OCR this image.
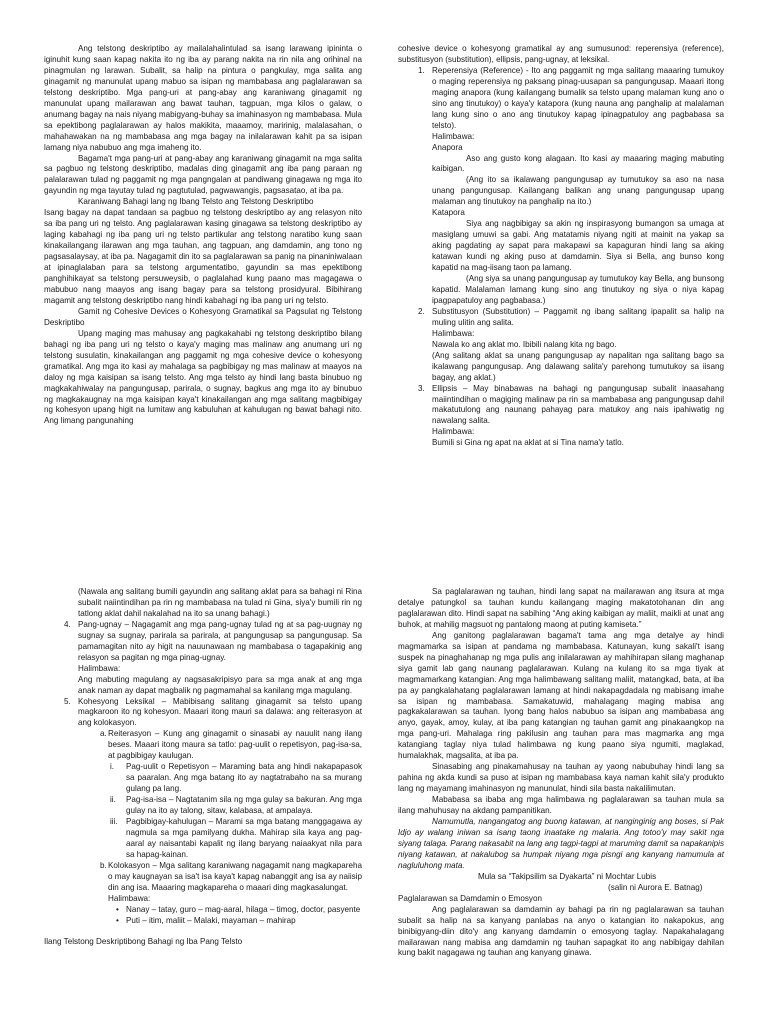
Ang telstong deskriptibo ay mailalahalintulad sa isang larawang ipininta o iginuhit kung saan kapag nakita ito ng iba ay parang nakita na rin nila ang orihinal na pinagmulan ng larawan. Subalit, sa halip na pintura o pangkulay, mga salita ang ginagamit ng manunulat upang mabuo sa isipan ng mambabasa ang paglalarawan sa telstong deskriptibo. Mga pang-uri at pang-abay ang karaniwang ginagamit ng manunulat upang mailarawan ang bawat tauhan, tagpuan, mga kilos o galaw, o anumang bagay na nais niyang mabigyang-buhay sa imahinasyon ng mambabasa. Mula sa epektibong paglalarawan ay halos makikita, maaamoy, maririnig, malalasahan, o mahahawakan na ng mambabasa ang mga bagay na inilalarawan kahit pa sa isipan lamang niya nabubuo ang mga imaheng ito.

Bagama't mga pang-uri at pang-abay ang karaniwang ginagamit na mga salita sa pagbuo ng telstong deskriptibo, madalas ding ginagamit ang iba pang paraan ng palalarawan tulad ng paggamit ng mga pangngalan at pandiwang ginagawa ng mga ito gayundin ng mga tayutay tulad ng pagtutulad, pagwawangis, pagsasatao, at iba pa.

Karaniwang Bahagi lang ng Ibang Telsto ang Telstong Deskriptibo

Isang bagay na dapat tandaan sa pagbuo ng telstong deskriptibo ay ang relasyon nito sa iba pang uri ng telsto. Ang paglalarawan kasing ginagawa sa telstong deskriptibo ay laging kabahagi ng iba pang uri ng telsto partikular ang telstong naratibo kung saan kinakailangang ilarawan ang mga tauhan, ang tagpuan, ang damdamin, ang tono ng pagsasalaysay, at iba pa. Nagagamit din ito sa paglalarawan sa panig na pinaniniwalaan at ipinaglalaban para sa telstong argumentatibo, gayundin sa mas epektibong panghihikayat sa telstong persuweysib, o paglalahad kung paano mas magagawa o mabubuo nang maayos ang isang bagay para sa telstong prosidyural. Bibihirang magamit ang telstong deskriptibo nang hindi kabahagi ng iba pang uri ng telsto.

Gamit ng Cohesive Devices o Kohesyong Gramatikal sa Pagsulat ng Telstong Deskriptibo

Upang maging mas mahusay ang pagkakahabi ng telstong deskriptibo bilang bahagi ng iba pang uri ng telsto o kaya'y maging mas malinaw ang anumang uri ng telstong susulatin, kinakailangan ang paggamit ng mga cohesive device o kohesyong gramatikal. Ang mga ito kasi ay mahalaga sa pagbibigay ng mas malinaw at maayos na daloy ng mga kaisipan sa isang telsto. Ang mga telsto ay hindi lang basta binubuo ng magkakahiwalay na pangungusap, parirala, o sugnay, bagkus ang mga ito ay binubuo ng magkakaugnay na mga kaisipan kaya't kinakailangan ang mga salitang magbibigay ng kohesyon upang higit na lumitaw ang kabuluhan at kahulugan ng bawat bahagi nito. Ang limang pangunahing

cohesive device o kohesyong gramatikal ay ang sumusunod: reperensiya (reference), substitusyon (substitution), ellipsis, pang-ugnay, at leksikal.

1. Reperensiya (Reference) - Ito ang paggamit ng mga salitang maaaring tumukoy o maging reperensiya ng paksang pinag-uusapan sa pangungusap. Maaari itong maging anapora (kung kailangang bumalik sa telsto upang malaman kung ano o sino ang tinutukoy) o kaya'y katapora (kung nauna ang panghalip at malalaman lang kung sino o ano ang tinutukoy kapag ipinagpatuloy ang pagbabasa sa telsto).

Halimbawa:

Anapora

Aso ang gusto kong alagaan. Ito kasi ay maaaring maging mabuting kaibigan.

(Ang ito sa ikalawang pangungusap ay tumutukoy sa aso na nasa unang pangungusap. Kailangang balikan ang unang pangungusap upang malaman ang tinutukoy na panghalip na ito.)

Katapora

Siya ang nagbibigay sa akin ng inspirasyong bumangon sa umaga at masiglang umuwi sa gabi. Ang matatamis niyang ngiti at mainit na yakap sa aking pagdating ay sapat para makapawi sa kapaguran hindi lang sa aking katawan kundi ng aking puso at damdamin. Siya si Bella, ang bunso kong kapatid na mag-iisang taon pa lamang.

(Ang siya sa unang pangungusap ay tumutukoy kay Bella, ang bunsong kapatid. Malalaman lamang kung sino ang tinutukoy ng siya o niya kapag ipagpapatuloy ang pagbabasa.)

2. Substitusyon (Substitution) – Paggamit ng ibang salitang ipapalit sa halip na muling ulitin ang salita.

Halimbawa:

Nawala ko ang aklat mo. Ibibili nalang kita ng bago.

(Ang salitang aklat sa unang pangungusap ay napalitan nga salitang bago sa ikalawang pangungusap. Ang dalawang salita'y parehong tumutukoy sa iisang bagay, ang aklat.)

3. Ellipsis – May binabawas na bahagi ng pangungusap subalit inaasahang maiintindihan o magiging malinaw pa rin sa mambabasa ang pangungusap dahil makatutulong ang naunang pahayag para matukoy ang nais ipahiwatig ng nawalang salita.

Halimbawa:

Bumili si Gina ng apat na aklat at si Tina nama'y tatlo.

(Nawala ang salitang bumili gayundin ang salitang aklat para sa bahagi ni Rina subalit naiintindihan pa rin ng mambabasa na tulad ni Gina, siya'y bumili rin ng tatlong aklat dahil nakalahad na ito sa unang bahagi.)

4. Pang-ugnay – Nagagamit ang mga pang-ugnay tulad ng at sa pag-uugnay ng sugnay sa sugnay, parirala sa parirala, at pangungusap sa pangungusap. Sa pamamagitan nito ay higit na nauunawaan ng mambabasa o tagapakinig ang relasyon sa pagitan ng mga pinag-ugnay.

Halimbawa:

Ang mabuting magulang ay nagsasakripisyo para sa mga anak at ang mga anak naman ay dapat magbalik ng pagmamahal sa kanilang mga magulang.

5. Kohesyong Leksikal – Mabibisang salitang ginagamit sa telsto upang magkaroon ito ng kohesyon. Maaari itong mauri sa dalawa: ang reiterasyon at ang kolokasyon.

a. Reiterasyon – Kung ang ginagamit o sinasabi ay nauulit nang ilang beses. Maaari itong maura sa tatlo: pag-uulit o repetisyon, pag-isa-sa, at pagbibigay kaulugan.

i. Pag-uulit o Repetisyon – Maraming bata ang hindi nakapapasok sa paaralan. Ang mga batang ito ay nagtatrabaho na sa murang gulang pa lang.

ii. Pag-isa-isa – Nagtatanim sila ng mga gulay sa bakuran. Ang mga gulay na ito ay talong, sitaw, kalabasa, at ampalaya.

iii. Pagbibigay-kahulugan – Marami sa mga batang manggagawa ay nagmula sa mga pamilyang dukha. Mahirap sila kaya ang pag-aaral ay naisantabi kapalit ng ilang baryang naiaakyat nila para sa hapag-kainan.

b. Kolokasyon – Mga salitang karaniwang nagagamit nang magkapareha o may kaugnayan sa isa't isa kaya't kapag nabanggit ang isa ay naiisip din ang isa. Maaaring magkapareha o maaari ding magkasalungat.

Halimbawa:

• Nanay – tatay, guro – mag-aaral, hilaga – timog, doctor, pasyente

• Puti – itim, maliit – Malaki, mayaman – mahirap

Ilang Telstong Deskriptibong Bahagi ng Iba Pang Telsto

Sa paglalarawan ng tauhan, hindi lang sapat na mailarawan ang itsura at mga detalye patungkol sa tauhan kundu kailangang maging makatotohanan din ang paglalarawan dito. Hindi sapat na sabihing “Ang aking kaibigan ay maliit, maikli at unat ang buhok, at mahilig magsuot ng pantalong maong at puting kamiseta.”

Ang ganitong paglalarawan bagama't tama ang mga detalye ay hindi magmamarka sa isipan at pandama ng mambabasa. Katunayan, kung sakali't isang suspek na pinaghahanap ng mga pulis ang inilalarawan ay mahihirapan silang maghanap siya gamit lab gang naunang paglalarawan. Kulang na kulang ito sa mga tiyak at magmamarkang katangian. Ang mga halimbawang salitang maliit, matangkad, bata, at iba pa ay pangkalahatang paglalarawan lamang at hindi nakapagdadala ng mabisang imahe sa isipan ng mambabasa. Samakatuwid, mahalagang maging mabisa ang pagkakalarawan sa tauhan. Iyong bang halos nabubuo sa isipan ang mambabasa ang anyo, gayak, amoy, kulay, at iba pang katangian ng tauhan gamit ang pinakaangkop na mga pang-uri. Mahalaga ring pakilusin ang tauhan para mas magmarka ang mga katangiang taglay niya tulad halimbawa ng kung paano siya ngumiti, maglakad, humalakhak, magsalita, at iba pa.

Sinasabing ang pinakamahusay na tauhan ay yaong nabubuhay hindi lang sa pahina ng akda kundi sa puso at isipan ng mambabasa kaya naman kahit sila'y produkto lang ng mayamang imahinasyon ng manunulat, hindi sila basta nakalilimutan.

Mababasa sa ibaba ang mga halimbawa ng paglalarawan sa tauhan mula sa ilang mahuhusay na akdang pampanitikan.

Namumutla, nangangatog ang buong katawan, at nanginginig ang boses, si Pak Idjo ay walang iniwan sa isang taong inaatake ng malaria. Ang totoo'y may sakit nga siyang talaga. Parang nakasabit na lang ang tagpi-tagpi at maruming damit sa napakanipis niyang katawan, at nakalubog sa humpak niyang mga pisngi ang kanyang namumula at nagluluhong mata.

Mula sa “Takipsilim sa Dyakarta” ni Mochtar Lubis

(salin ni Aurora E. Batnag)

Paglalarawan sa Damdamin o Emosyon

Ang paglalarawan sa damdamin ay bahagi pa rin ng paglalarawan sa tauhan subalit sa halip na sa kanyang panlabas na anyo o katangian ito nakapokus, ang binibigyang-diin dito'y ang kanyang damdamin o emosyong taglay. Napakahalagang mailarawan nang mabisa ang damdamin ng tauhan sapagkat ito ang nabibigay dahilan kung bakit nagagawa ng tauhan ang kanyang ginawa.
